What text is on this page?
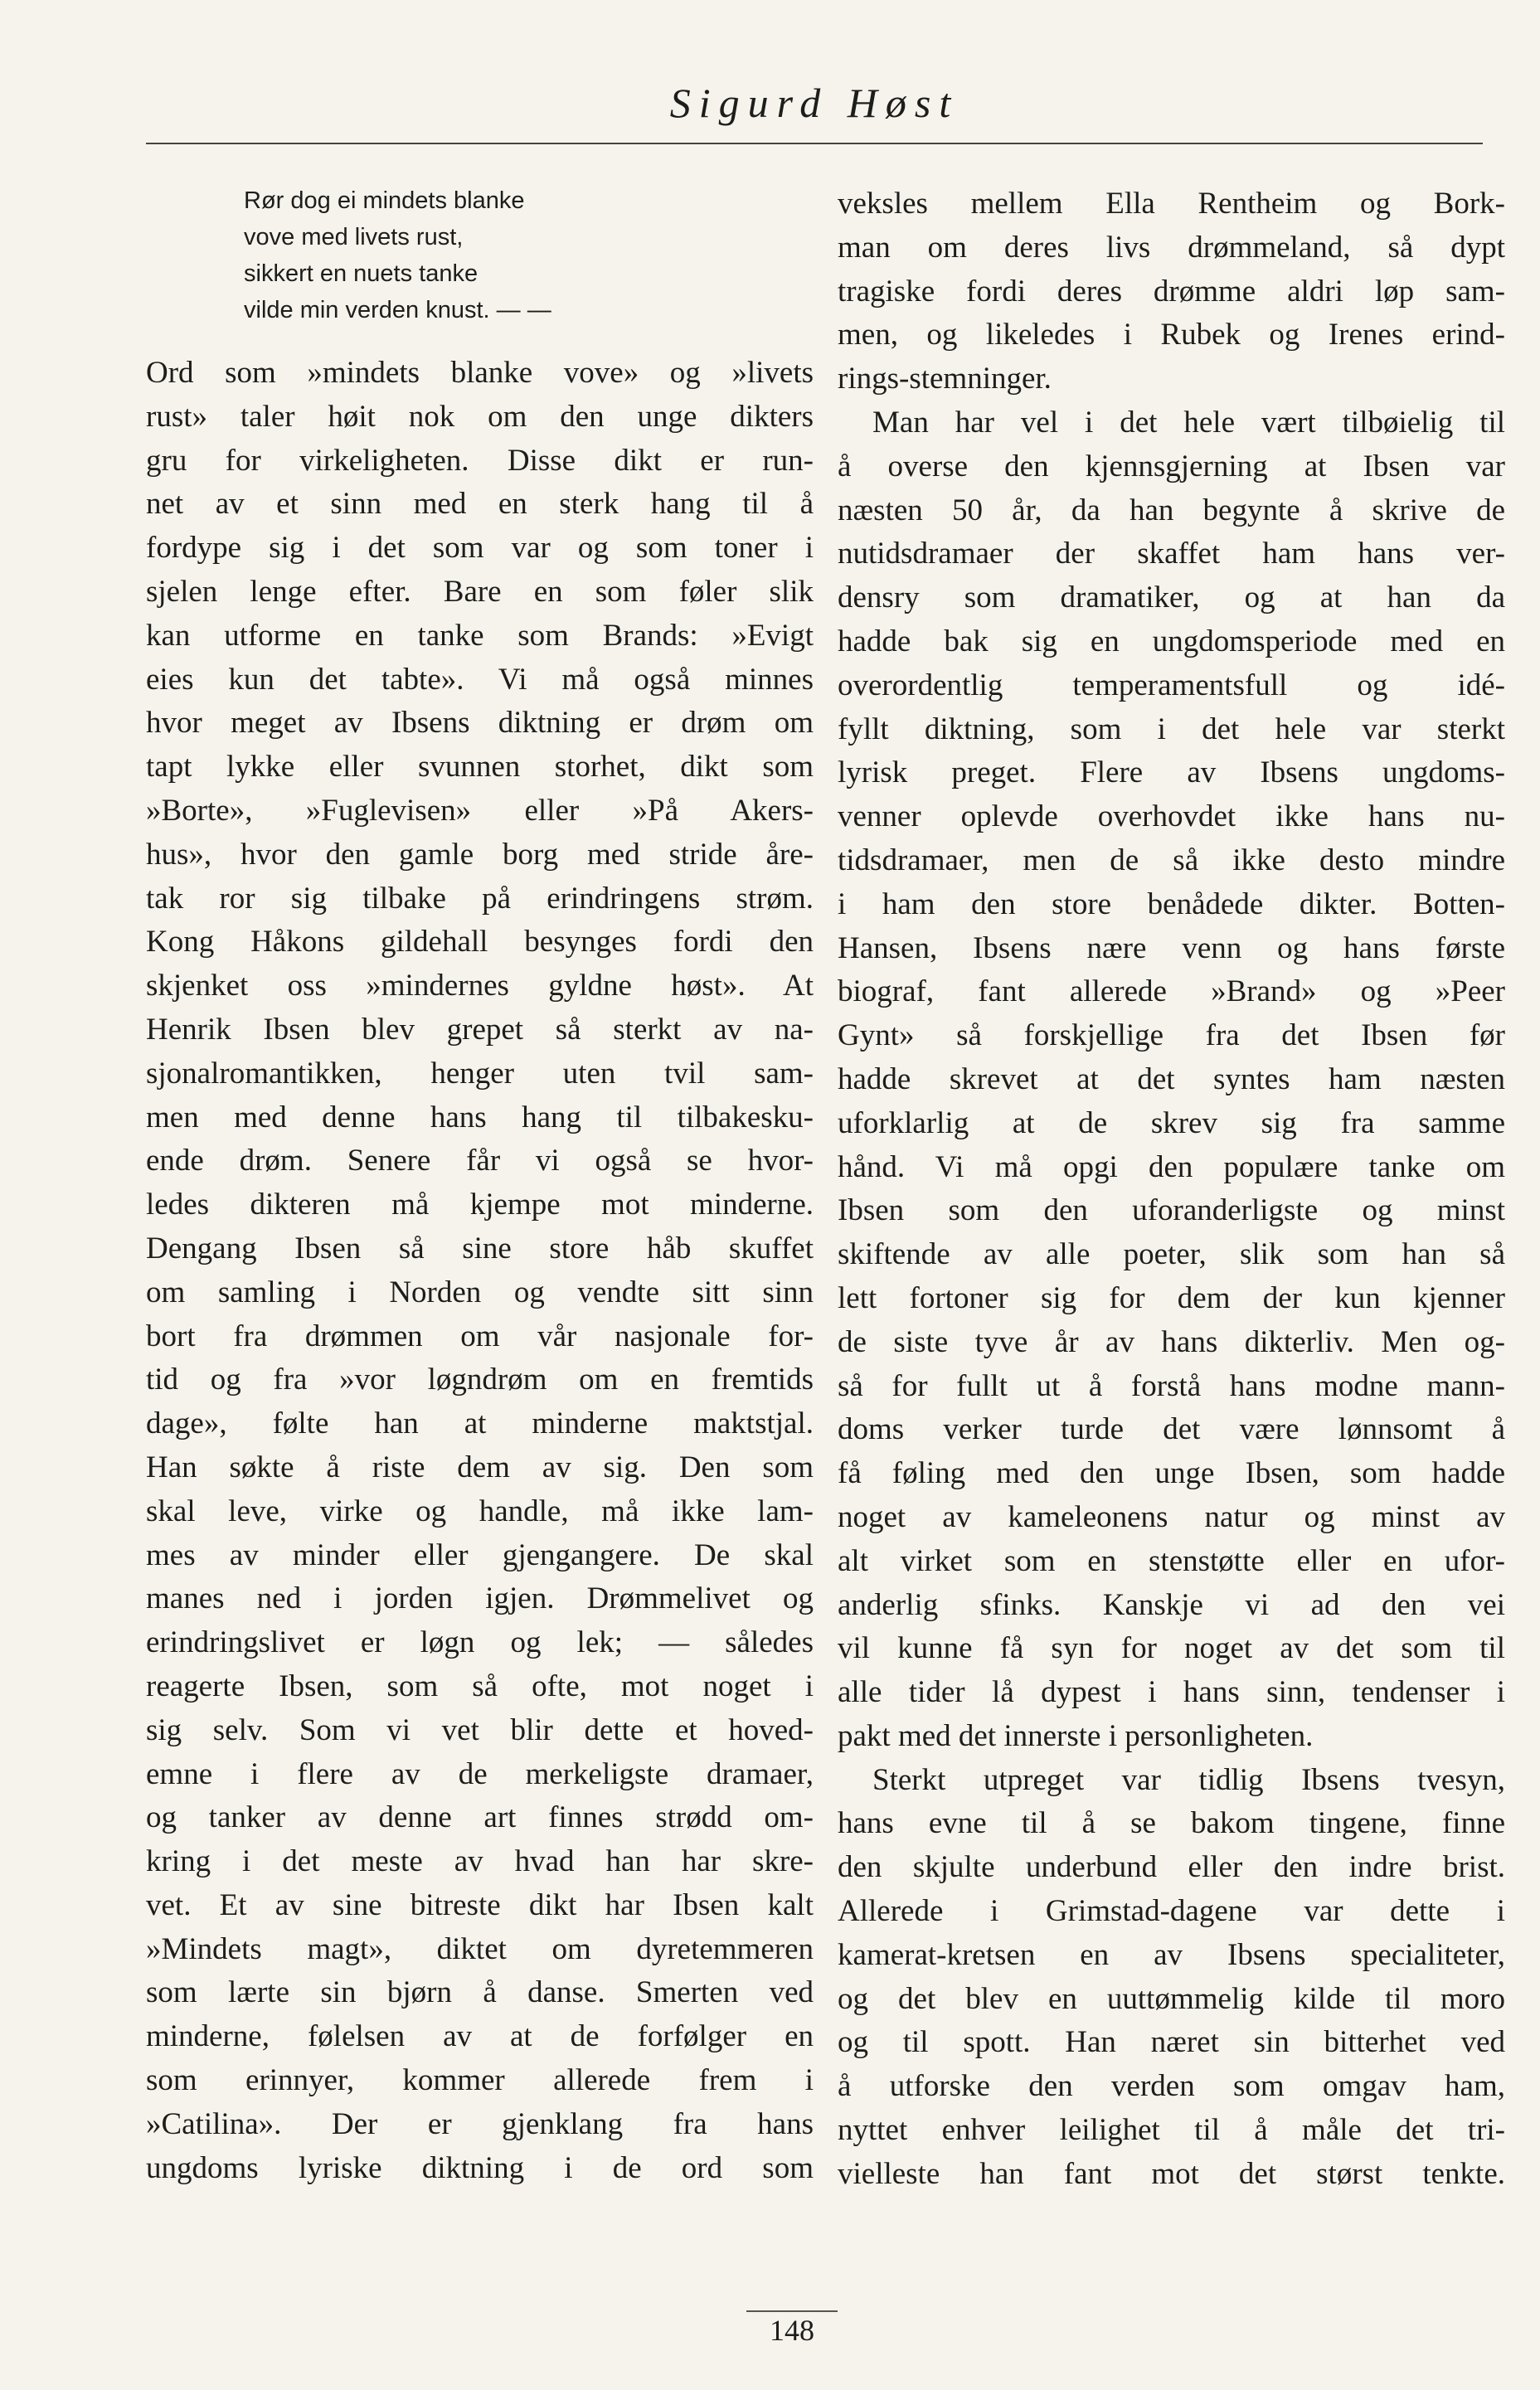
Sigurd Høst
Rør dog ei mindets blanke
vove med livets rust,
sikkert en nuets tanke
vilde min verden knust. — —
Ord som »mindets blanke vove» og »livets
rust» taler høit nok om den unge dikters
gru for virkeligheten. Disse dikt er run-
net av et sinn med en sterk hang til å
fordype sig i det som var og som toner i
sjelen lenge efter. Bare en som føler slik
kan utforme en tanke som Brands: »Evigt
eies kun det tabte». Vi må også minnes
hvor meget av Ibsens diktning er drøm om
tapt lykke eller svunnen storhet, dikt som
»Borte», »Fuglevisen» eller »På Akers-
hus», hvor den gamle borg med stride åre-
tak ror sig tilbake på erindringens strøm.
Kong Håkons gildehall besynges fordi den
skjenket oss »mindernes gyldne høst». At
Henrik Ibsen blev grepet så sterkt av na-
sjonalromantikken, henger uten tvil sam-
men med denne hans hang til tilbakesku-
ende drøm. Senere får vi også se hvor-
ledes dikteren må kjempe mot minderne.
Dengang Ibsen så sine store håb skuffet
om samling i Norden og vendte sitt sinn
bort fra drømmen om vår nasjonale for-
tid og fra »vor løgndrøm om en fremtids
dage», følte han at minderne maktstjal.
Han søkte å riste dem av sig. Den som
skal leve, virke og handle, må ikke lam-
mes av minder eller gjengangere. De skal
manes ned i jorden igjen. Drømmelivet og
erindringslivet er løgn og lek; — således
reagerte Ibsen, som så ofte, mot noget i
sig selv. Som vi vet blir dette et hoved-
emne i flere av de merkeligste dramaer,
og tanker av denne art finnes strødd om-
kring i det meste av hvad han har skre-
vet. Et av sine bitreste dikt har Ibsen kalt
»Mindets magt», diktet om dyretemmeren
som lærte sin bjørn å danse. Smerten ved
minderne, følelsen av at de forfølger en
som erinnyer, kommer allerede frem i
»Catilina». Der er gjenklang fra hans
ungdoms lyriske diktning i de ord som
veksles mellem Ella Rentheim og Bork-
man om deres livs drømmeland, så dypt
tragiske fordi deres drømme aldri løp sam-
men, og likeledes i Rubek og Irenes erind-
rings-stemninger.
Man har vel i det hele vært tilbøielig til
å overse den kjennsgjerning at Ibsen var
næsten 50 år, da han begynte å skrive de
nutidsdramaer der skaffet ham hans ver-
densry som dramatiker, og at han da
hadde bak sig en ungdomsperiode med en
overordentlig temperamentsfull og idé-
fyllt diktning, som i det hele var sterkt
lyrisk preget. Flere av Ibsens ungdoms-
venner oplevde overhovdet ikke hans nu-
tidsdramaer, men de så ikke desto mindre
i ham den store benådede dikter. Botten-
Hansen, Ibsens nære venn og hans første
biograf, fant allerede »Brand» og »Peer
Gynt» så forskjellige fra det Ibsen før
hadde skrevet at det syntes ham næsten
uforklarlig at de skrev sig fra samme
hånd. Vi må opgi den populære tanke om
Ibsen som den uforanderligste og minst
skiftende av alle poeter, slik som han så
lett fortoner sig for dem der kun kjenner
de siste tyve år av hans dikterliv. Men og-
så for fullt ut å forstå hans modne mann-
doms verker turde det være lønnsomt å
få føling med den unge Ibsen, som hadde
noget av kameleonens natur og minst av
alt virket som en stenstøtte eller en ufor-
anderlig sfinks. Kanskje vi ad den vei
vil kunne få syn for noget av det som til
alle tider lå dypest i hans sinn, tendenser i
pakt med det innerste i personligheten.
Sterkt utpreget var tidlig Ibsens tvesyn,
hans evne til å se bakom tingene, finne
den skjulte underbund eller den indre brist.
Allerede i Grimstad-dagene var dette i
kamerat-kretsen en av Ibsens specialiteter,
og det blev en uuttømmelig kilde til moro
og til spott. Han næret sin bitterhet ved
å utforske den verden som omgav ham,
nyttet enhver leilighet til å måle det tri-
vielleste han fant mot det størst tenkte.
148
